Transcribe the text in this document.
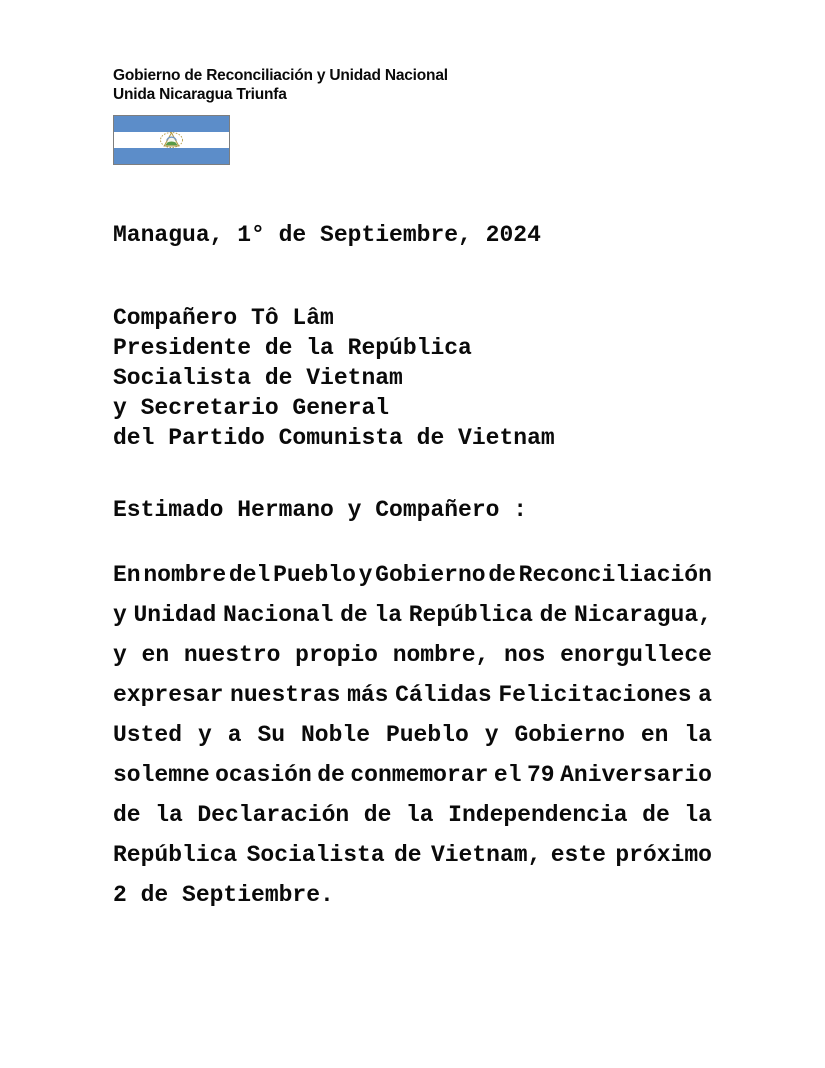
Gobierno de Reconciliación y Unidad Nacional
Unida Nicaragua Triunfa
Managua, 1° de Septiembre, 2024
Compañero Tô Lâm
Presidente de la República
Socialista de Vietnam
y Secretario General
del Partido Comunista de Vietnam
Estimado Hermano y Compañero :
En nombre del Pueblo y Gobierno de Reconciliación
y Unidad Nacional de la República de Nicaragua,
y en nuestro propio nombre, nos enorgullece
expresar nuestras más Cálidas Felicitaciones a
Usted y a Su Noble Pueblo y Gobierno en la
solemne ocasión de conmemorar el 79 Aniversario
de la Declaración de la Independencia de la
República Socialista de Vietnam, este próximo
2 de Septiembre.
